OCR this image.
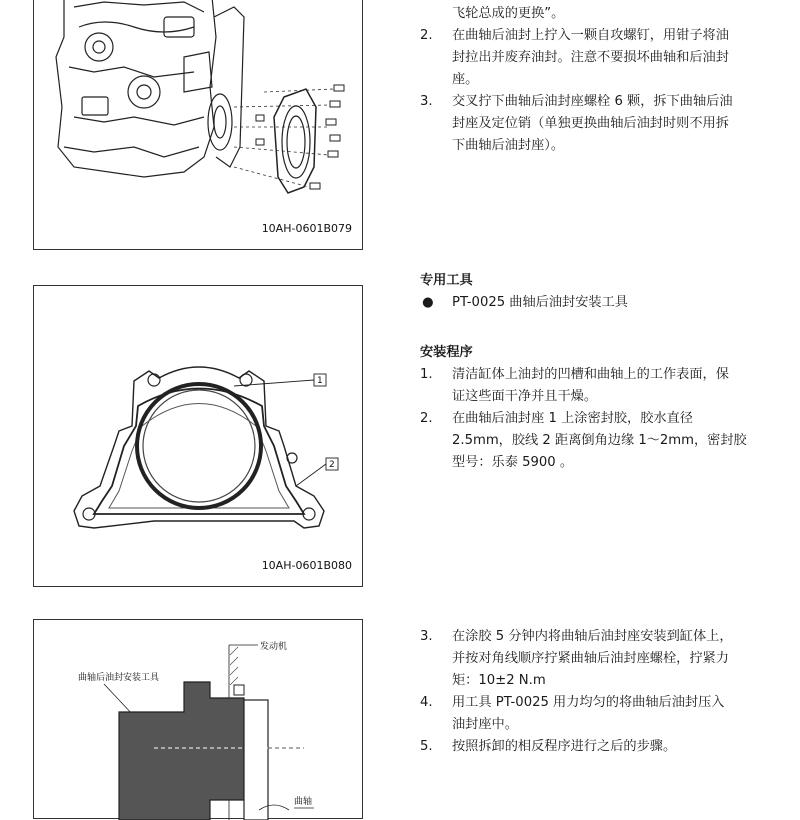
10AH-0601B079
飞轮总成的更换”。
2. 在曲轴后油封上拧入一颗自攻螺钉，用钳子将油
封拉出并废弃油封。注意不要损坏曲轴和后油封
座。
3. 交叉拧下曲轴后油封座螺栓 6 颗，拆下曲轴后油
封座及定位销（单独更换曲轴后油封时则不用拆
下曲轴后油封座）。
1
2
10AH-0601B080
专用工具
● PT-0025 曲轴后油封安装工具
安装程序
1. 清洁缸体上油封的凹槽和曲轴上的工作表面，保
证这些面干净并且干燥。
2. 在曲轴后油封座 1 上涂密封胶，胶水直径
2.5mm，胶线 2 距离倒角边缘 1～2mm，密封胶
型号：乐泰 5900 。
发动机
曲轴后油封安装工具
曲轴
3. 在涂胶 5 分钟内将曲轴后油封座安装到缸体上，
并按对角线顺序拧紧曲轴后油封座螺栓，拧紧力
矩：10±2 N.m
4. 用工具 PT-0025 用力均匀的将曲轴后油封压入
油封座中。
5. 按照拆卸的相反程序进行之后的步骤。
